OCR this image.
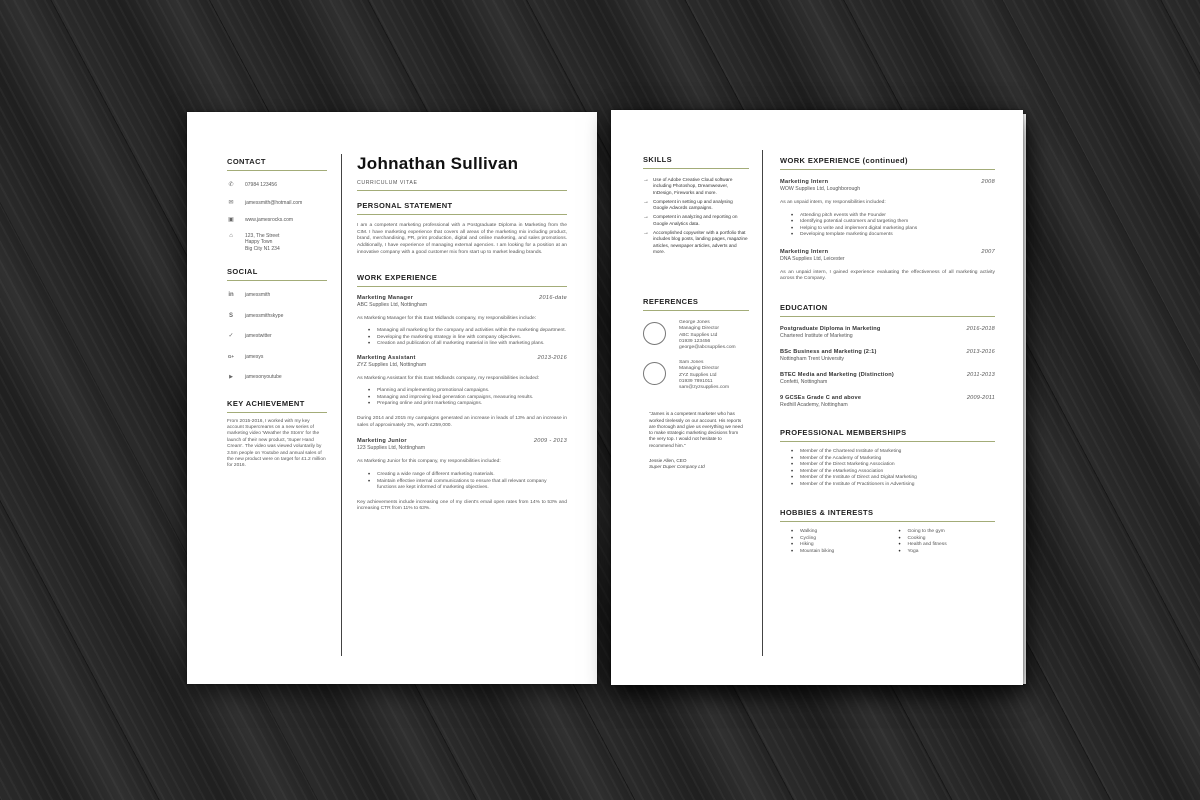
CONTACT
✆ 07984 123456
✉ jamessmith@hotmail.com
▣ www.jamesrocks.com
⌂	123, The Street
Happy Town
Big City N1 234
SOCIAL
in jamessmith
S	jamessmithskype
✓ jamestwitter
G+ jamesys
▶	jamesonyoutube
KEY ACHIEVEMENT
From 2015-2016, I worked with my key account Supercreams on a new series of marketing video 'Weather the Storm' for the launch of their new product, 'Super Hand Cream'. The video was viewed voluntarily by 3.5m people on Youtube and annual sales of the new product were on target for £1.2 million for 2016.
Johnathan Sullivan
CURRICULUM VITAE
PERSONAL STATEMENT
I am a competent marketing professional with a Postgraduate Diploma in Marketing from the CIM. I have marketing experience that covers all areas of the marketing mix including product, brand, merchandising, PR, print production, digital and online marketing, and sales promotions. Additionally, I have experience of managing external agencies. I am looking for a position at an innovative company with a good customer mix from start up to market leading brands.
WORK EXPERIENCE
Marketing Manager	2016-date
ABC Supplies Ltd, Nottingham
As Marketing Manager for this East Midlands company, my responsibilities include:
• Managing all marketing for the company and activities within the marketing department.
• Developing the marketing strategy in line with company objectives.
• Creation and publication of all marketing material in line with marketing plans.
Marketing Assistant	2013-2016
ZYZ Supplies Ltd, Nottingham
As Marketing Assistant for this East Midlands company, my responsibilities included:
• Planning and implementing promotional campaigns.
• Managing and improving lead generation campaigns, measuring results.
• Preparing online and print marketing campaigns.
During 2014 and 2015 my campaigns generated an increase in leads of 13% and an increase in sales of approximately 3%, worth £259,000.
Marketing Junior	2009 - 2013
123 Supplies Ltd, Nottingham
As Marketing Junior for this company, my responsibilities included:
• Creating a wide range of different marketing materials.
• Maintain effective internal communications to ensure that all relevant company functions are kept informed of marketing objectives.
Key achievements include increasing one of my client's email open rates from 14% to 53% and increasing CTR from 11% to 63%.
SKILLS
→ Use of Adobe Creative Cloud software including Photoshop, Dreamweaver, InDesign, Fireworks and more.
→ Competent in setting up and analysing Google Adwords campaigns.
→ Competent in analyzing and reporting on Google Analytics data.
→ Accomplished copywriter with a portfolio that includes blog posts, landing pages, magazine articles, newspaper articles, adverts and more.
REFERENCES
George Jones
Managing Director
ABC Supplies Ltd
01939 123456
george@abcsupplies.com
Sam Jones
Managing Director
ZYZ Supplies Ltd
01939 7891011
sam@zyzsupplies.com
"James is a competent marketer who has worked tirelessly on our account. His reports are thorough and give us everything we need to make strategic marketing decisions from the very top. I would not hesitate to recommend him."
Jessie Allen, CEO
Super Duper Company Ltd
WORK EXPERIENCE (continued)
Marketing Intern	2008
WOW Supplies Ltd, Loughborough
As an unpaid intern, my responsibilities included:
• Attending pitch events with the Founder
• Identifying potential customers and targeting them
• Helping to write and implement digital marketing plans
• Developing template marketing documents
Marketing Intern	2007
DNA Supplies Ltd, Leicester
As an unpaid intern, I gained experience evaluating the effectiveness of all marketing activity across the Company.
EDUCATION
Postgraduate Diploma in Marketing	2016-2018
Chartered Institute of Marketing
BSc Business and Marketing (2:1)	2013-2016
Nottingham Trent University
BTEC Media and Marketing (Distinction)	2011-2013
Confetti, Nottingham
9 GCSEs Grade C and above	2009-2011
Redhill Academy, Nottingham
PROFESSIONAL MEMBERSHIPS
• Member of the Chartered Institute of Marketing
• Member of the Academy of Marketing
• Member of the Direct Marketing Association
• Member of the eMarketing Association
• Member of the Institute of Direct and Digital Marketing
• Member of the Institute of Practitioners in Advertising
HOBBIES & INTERESTS
• Walking
• Cycling
• Hiking
• Mountain biking
• Going to the gym
• Cooking
• Health and fitness
• Yoga
